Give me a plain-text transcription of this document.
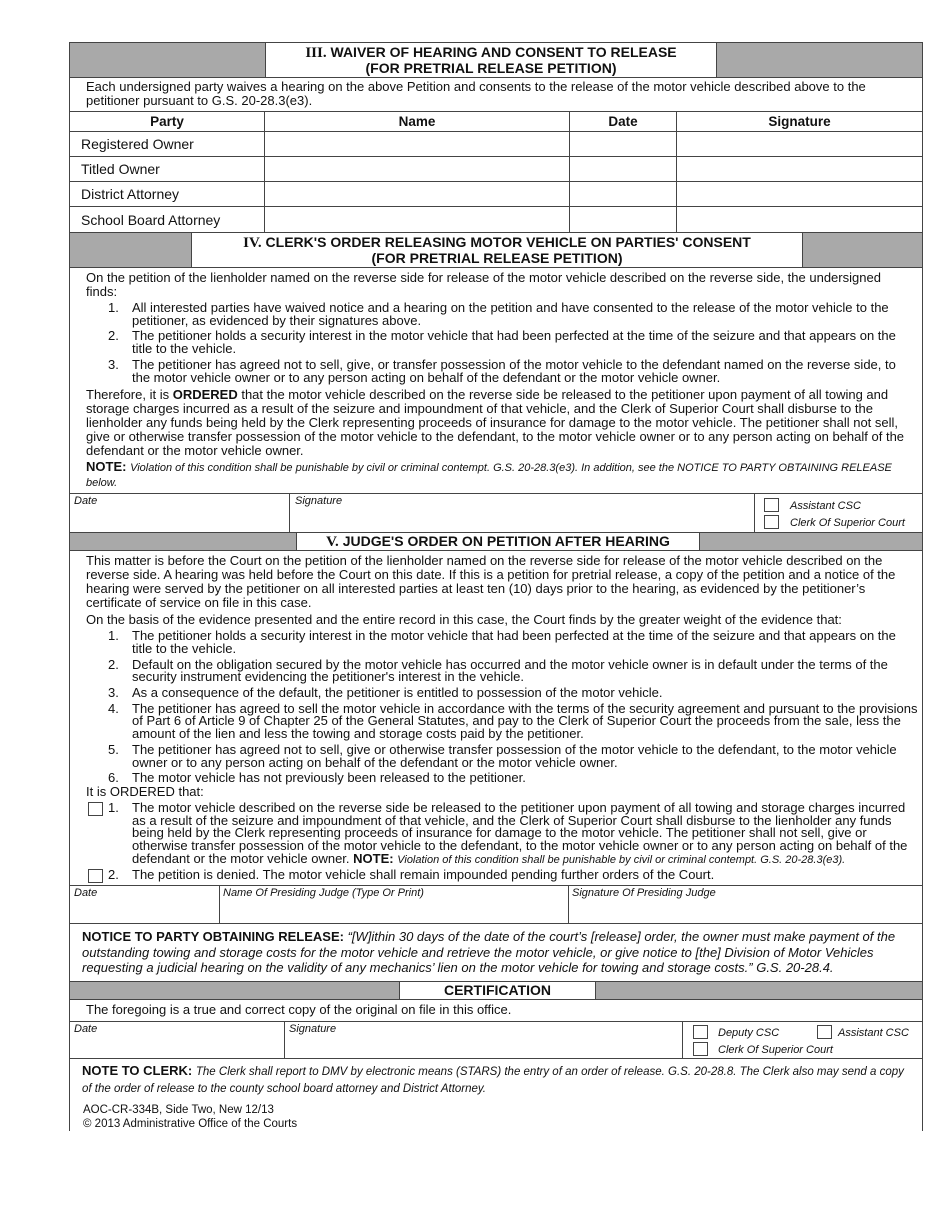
III. WAIVER OF HEARING AND CONSENT TO RELEASE
(FOR PRETRIAL RELEASE PETITION)
Each undersigned party waives a hearing on the above Petition and consents to the release of the motor vehicle described above to the petitioner pursuant to G.S. 20-28.3(e3).
Party	Name	Date	Signature
Registered Owner			
Titled Owner			
District Attorney			
School Board Attorney			
IV. CLERK'S ORDER RELEASING MOTOR VEHICLE ON PARTIES' CONSENT
(FOR PRETRIAL RELEASE PETITION)
On the petition of the lienholder named on the reverse side for release of the motor vehicle described on the reverse side, the undersigned finds:
1. All interested parties have waived notice and a hearing on the petition and have consented to the release of the motor vehicle to the petitioner, as evidenced by their signatures above.
2. The petitioner holds a security interest in the motor vehicle that had been perfected at the time of the seizure and that appears on the title to the vehicle.
3. The petitioner has agreed not to sell, give, or transfer possession of the motor vehicle to the defendant named on the reverse side, to the motor vehicle owner or to any person acting on behalf of the defendant or the motor vehicle owner.
Therefore, it is ORDERED that the motor vehicle described on the reverse side be released to the petitioner upon payment of all towing and storage charges incurred as a result of the seizure and impoundment of that vehicle, and the Clerk of Superior Court shall disburse to the lienholder any funds being held by the Clerk representing proceeds of insurance for damage to the motor vehicle. The petitioner shall not sell, give or otherwise transfer possession of the motor vehicle to the defendant, to the motor vehicle owner or to any person acting on behalf of the defendant or the motor vehicle owner.
NOTE: Violation of this condition shall be punishable by civil or criminal contempt. G.S. 20-28.3(e3). In addition, see the NOTICE TO PARTY OBTAINING RELEASE below.
Date	Signature	Assistant CSC
Clerk Of Superior Court
V. JUDGE'S ORDER ON PETITION AFTER HEARING
This matter is before the Court on the petition of the lienholder named on the reverse side for release of the motor vehicle described on the reverse side. A hearing was held before the Court on this date. If this is a petition for pretrial release, a copy of the petition and a notice of the hearing were served by the petitioner on all interested parties at least ten (10) days prior to the hearing, as evidenced by the petitioner’s certificate of service on file in this case.
On the basis of the evidence presented and the entire record in this case, the Court finds by the greater weight of the evidence that:
1. The petitioner holds a security interest in the motor vehicle that had been perfected at the time of the seizure and that appears on the title to the vehicle.
2. Default on the obligation secured by the motor vehicle has occurred and the motor vehicle owner is in default under the terms of the security instrument evidencing the petitioner's interest in the vehicle.
3. As a consequence of the default, the petitioner is entitled to possession of the motor vehicle.
4. The petitioner has agreed to sell the motor vehicle in accordance with the terms of the security agreement and pursuant to the provisions of Part 6 of Article 9 of Chapter 25 of the General Statutes, and pay to the Clerk of Superior Court the proceeds from the sale, less the amount of the lien and less the towing and storage costs paid by the petitioner.
5. The petitioner has agreed not to sell, give or otherwise transfer possession of the motor vehicle to the defendant, to the motor vehicle owner or to any person acting on behalf of the defendant or the motor vehicle owner.
6. The motor vehicle has not previously been released to the petitioner.
It is ORDERED that:
1. The motor vehicle described on the reverse side be released to the petitioner upon payment of all towing and storage charges incurred as a result of the seizure and impoundment of that vehicle, and the Clerk of Superior Court shall disburse to the lienholder any funds being held by the Clerk representing proceeds of insurance for damage to the motor vehicle. The petitioner shall not sell, give or otherwise transfer possession of the motor vehicle to the defendant, to the motor vehicle owner or to any person acting on behalf of the defendant or the motor vehicle owner. NOTE: Violation of this condition shall be punishable by civil or criminal contempt. G.S. 20-28.3(e3).
2. The petition is denied. The motor vehicle shall remain impounded pending further orders of the Court.
Date	Name Of Presiding Judge (Type Or Print)	Signature Of Presiding Judge
NOTICE TO PARTY OBTAINING RELEASE: “[W]ithin 30 days of the date of the court’s [release] order, the owner must make payment of the outstanding towing and storage costs for the motor vehicle and retrieve the motor vehicle, or give notice to [the] Division of Motor Vehicles requesting a judicial hearing on the validity of any mechanics’ lien on the motor vehicle for towing and storage costs.” G.S. 20-28.4.
CERTIFICATION
The foregoing is a true and correct copy of the original on file in this office.
Date	Signature	Deputy CSC	Assistant CSC
Clerk Of Superior Court
NOTE TO CLERK: The Clerk shall report to DMV by electronic means (STARS) the entry of an order of release. G.S. 20-28.8. The Clerk also may send a copy of the order of release to the county school board attorney and District Attorney.
AOC-CR-334B, Side Two, New 12/13
© 2013 Administrative Office of the Courts
